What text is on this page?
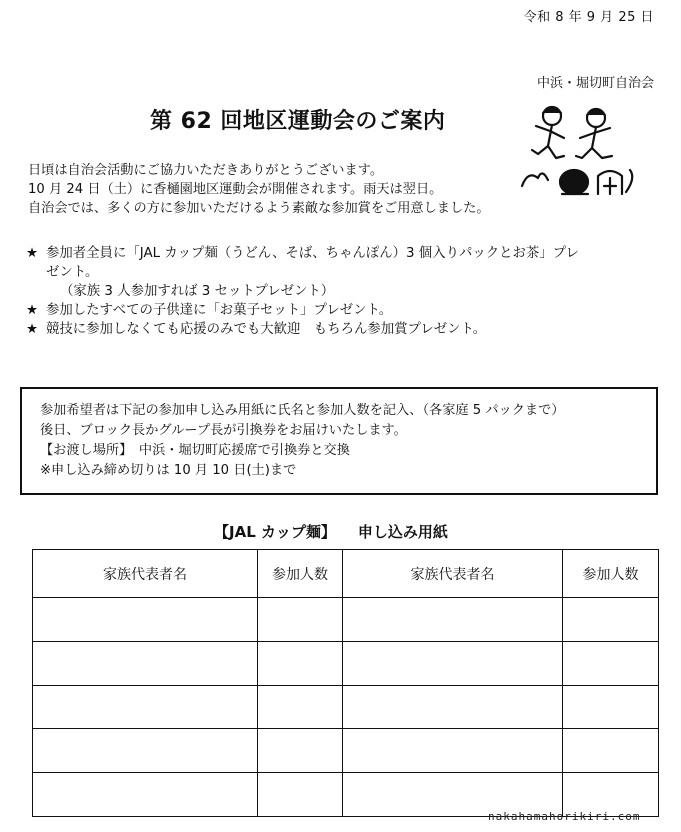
令和 8 年 9 月 25 日
中浜・堀切町自治会
第 62 回地区運動会のご案内
日頃は自治会活動にご協力いただきありがとうございます。
10 月 24 日（土）に香樋園地区運動会が開催されます。雨天は翌日。
自治会では、多くの方に参加いただけるよう素敵な参加賞をご用意しました。
★ 参加者全員に「JAL カップ麺（うどん、そば、ちゃんぽん）3 個入りパックとお茶」プレ
ゼント。
（家族 3 人参加すれば 3 セットプレゼント）
★ 参加したすべての子供達に「お菓子セット」プレゼント。
★ 競技に参加しなくても応援のみでも大歓迎　もちろん参加賞プレゼント。
参加希望者は下記の参加申し込み用紙に氏名と参加人数を記入、（各家庭 5 パックまで）
後日、ブロック長かグループ長が引換券をお届けいたします。
【お渡し場所】　中浜・堀切町応援席で引換券と交換
※申し込み締め切りは 10 月 10 日(土)まで
【JAL カップ麺】 申し込み用紙
家族代表者名	参加人数	家族代表者名	参加人数

nakahamahorikiri.com
